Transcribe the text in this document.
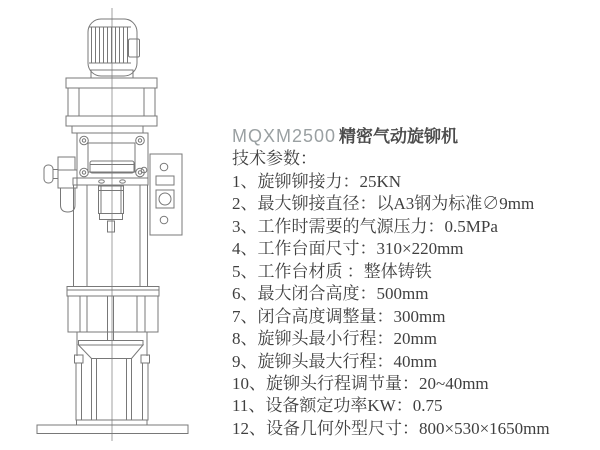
MQXM2500 精密气动旋铆机
技术参数：
1、旋铆铆接力：25KN
2、最大铆接直径：以A3钢为标准∅9mm
3、工作时需要的气源压力：0.5MPa
4、工作台面尺寸：310×220mm
5、工作台材质 ：整体铸铁
6、最大闭合高度：500mm
7、闭合高度调整量：300mm
8、旋铆头最小行程：20mm
9、旋铆头最大行程：40mm
10、旋铆头行程调节量：20~40mm
11、设备额定功率KW：0.75
12、设备几何外型尺寸：800×530×1650mm
